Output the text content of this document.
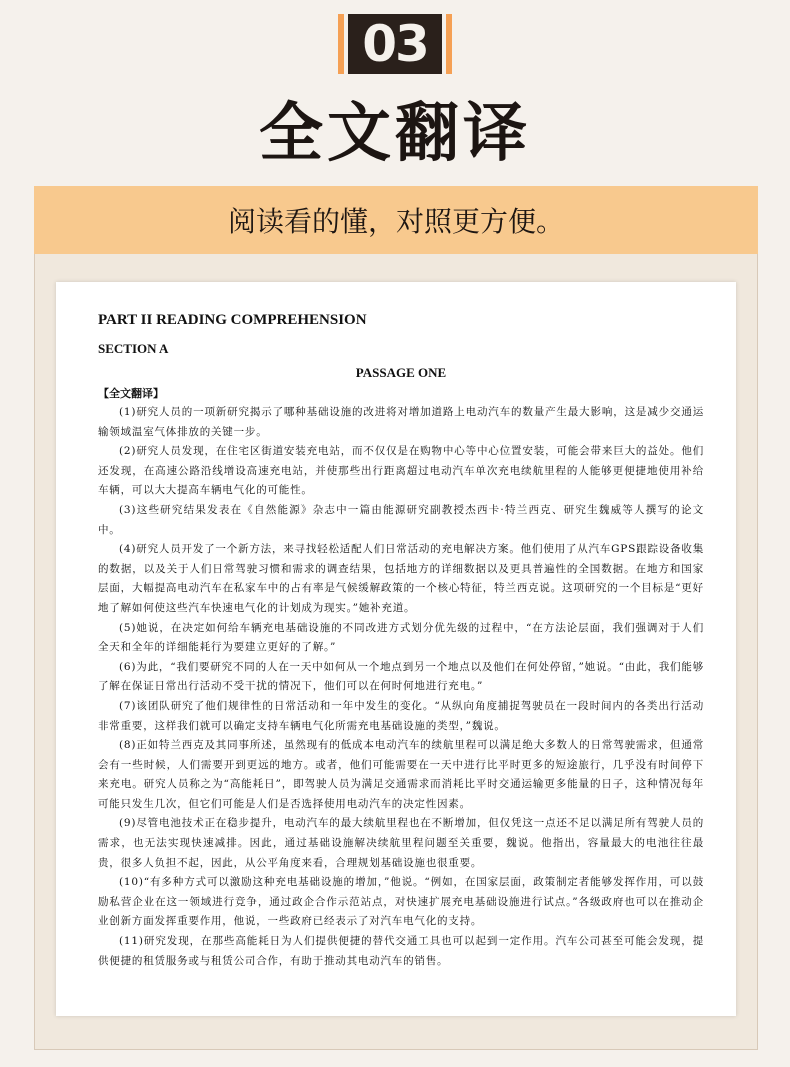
03
全文翻译
阅读看的懂，对照更方便。
PART II READING COMPREHENSION
SECTION A
PASSAGE ONE
【全文翻译】

(1)研究人员的一项新研究揭示了哪种基础设施的改进将对增加道路上电动汽车的数量产生最大影响，这是减少交通运输领域温室气体排放的关键一步。

(2)研究人员发现，在住宅区街道安装充电站，而不仅仅是在购物中心等中心位置安装，可能会带来巨大的益处。他们还发现，在高速公路沿线增设高速充电站，并使那些出行距离超过电动汽车单次充电续航里程的人能够更便捷地使用补给车辆，可以大大提高车辆电气化的可能性。

(3)这些研究结果发表在《自然能源》杂志中一篇由能源研究副教授杰西卡·特兰西克、研究生魏威等人撰写的论文中。

(4)研究人员开发了一个新方法，来寻找轻松适配人们日常活动的充电解决方案。他们使用了从汽车GPS跟踪设备收集的数据，以及关于人们日常驾驶习惯和需求的调查结果，包括地方的详细数据以及更具普遍性的全国数据。在地方和国家层面，大幅提高电动汽车在私家车中的占有率是气候缓解政策的一个核心特征，特兰西克说。这项研究的一个目标是“更好地了解如何使这些汽车快速电气化的计划成为现实。”她补充道。

(5)她说，在决定如何给车辆充电基础设施的不同改进方式划分优先级的过程中，“在方法论层面，我们强调对于人们全天和全年的详细能耗行为要建立更好的了解。”

(6)为此，“我们要研究不同的人在一天中如何从一个地点到另一个地点以及他们在何处停留，”她说。“由此，我们能够了解在保证日常出行活动不受干扰的情况下，他们可以在何时何地进行充电。”

(7)该团队研究了他们规律性的日常活动和一年中发生的变化。“从纵向角度捕捉驾驶员在一段时间内的各类出行活动非常重要，这样我们就可以确定支持车辆电气化所需充电基础设施的类型，”魏说。

(8)正如特兰西克及其同事所述，虽然现有的低成本电动汽车的续航里程可以满足绝大多数人的日常驾驶需求，但通常会有一些时候，人们需要开到更远的地方。或者，他们可能需要在一天中进行比平时更多的短途旅行，几乎没有时间停下来充电。研究人员称之为“高能耗日”，即驾驶人员为满足交通需求而消耗比平时交通运输更多能量的日子，这种情况每年可能只发生几次，但它们可能是人们是否选择使用电动汽车的决定性因素。

(9)尽管电池技术正在稳步提升，电动汽车的最大续航里程也在不断增加，但仅凭这一点还不足以满足所有驾驶人员的需求，也无法实现快速减排。因此，通过基础设施解决续航里程问题至关重要，魏说。他指出，容量最大的电池往往最贵，很多人负担不起，因此，从公平角度来看，合理规划基础设施也很重要。

(10)“有多种方式可以激励这种充电基础设施的增加，”他说。“例如，在国家层面，政策制定者能够发挥作用，可以鼓励私营企业在这一领域进行竞争，通过政企合作示范站点，对快速扩展充电基础设施进行试点。”各级政府也可以在推动企业创新方面发挥重要作用，他说，一些政府已经表示了对汽车电气化的支持。

(11)研究发现，在那些高能耗日为人们提供便捷的替代交通工具也可以起到一定作用。汽车公司甚至可能会发现，提供便捷的租赁服务或与租赁公司合作，有助于推动其电动汽车的销售。
